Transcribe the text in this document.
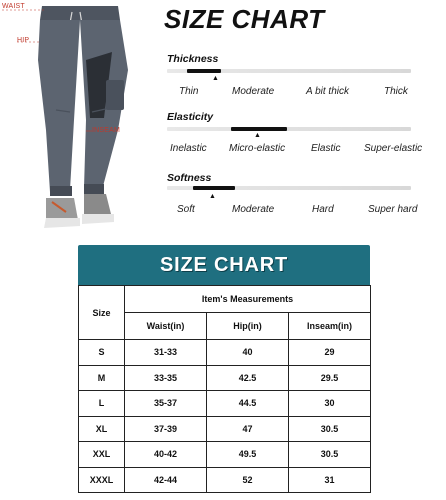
WAIST
HIP
INSEAM
SIZE CHART
Thickness
▲
Thin	Moderate	A bit thick	Thick
Elasticity
▲
Inelastic Micro-elastic	Elastic Super-elastic
Softness
▲
Soft	Moderate	Hard	Super hard
SIZE CHART
Size	Item's Measurements		
	Waist(in)	Hip(in)	Inseam(in)
S	31-33	40	29
M	33-35	42.5	29.5
L	35-37	44.5	30
XL	37-39	47	30.5
XXL	40-42	49.5	30.5
XXXL	42-44	52	31
